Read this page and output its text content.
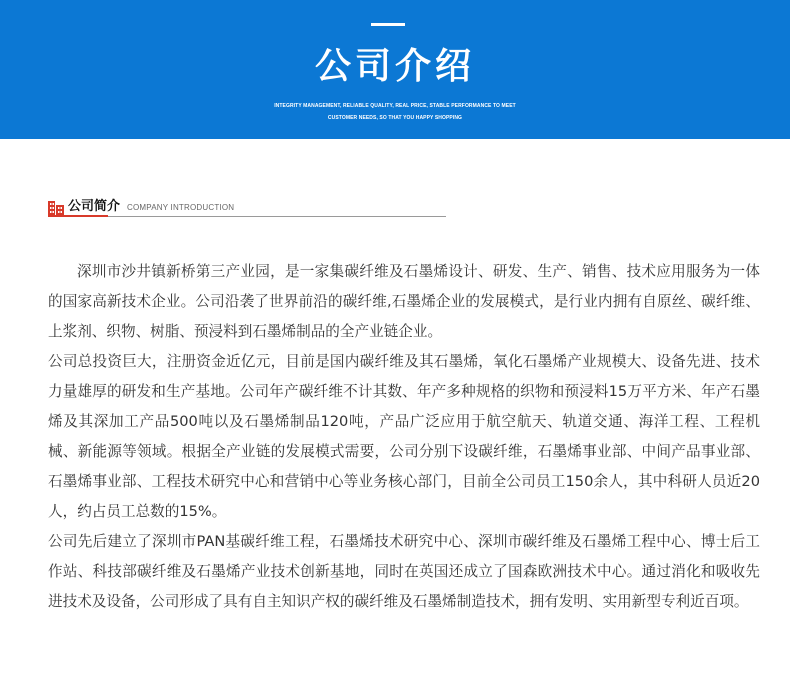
公司介绍
INTEGRITY MANAGEMENT, RELIABLE QUALITY, REAL PRICE, STABLE PERFORMANCE TO MEET
CUSTOMER NEEDS, SO THAT YOU HAPPY SHOPPING
公司简介 COMPANY INTRODUCTION

深圳市沙井镇新桥第三产业园，是一家集碳纤维及石墨烯设计、研发、生产、销售、技术应用服务为一体的国家高新技术企业。公司沿袭了世界前沿的碳纤维,石墨烯企业的发展模式，是行业内拥有自原丝、碳纤维、上浆剂、织物、树脂、预浸料到石墨烯制品的全产业链企业。

公司总投资巨大，注册资金近亿元，目前是国内碳纤维及其石墨烯，氧化石墨烯产业规模大、设备先进、技术力量雄厚的研发和生产基地。公司年产碳纤维不计其数、年产多种规格的织物和预浸料15万平方米、年产石墨烯及其深加工产品500吨以及石墨烯制品120吨，产品广泛应用于航空航天、轨道交通、海洋工程、工程机械、新能源等领域。根据全产业链的发展模式需要，公司分别下设碳纤维，石墨烯事业部、中间产品事业部、石墨烯事业部、工程技术研究中心和营销中心等业务核心部门，目前全公司员工150余人，其中科研人员近20人，约占员工总数的15%。

公司先后建立了深圳市PAN基碳纤维工程，石墨烯技术研究中心、深圳市碳纤维及石墨烯工程中心、博士后工作站、科技部碳纤维及石墨烯产业技术创新基地，同时在英国还成立了国森欧洲技术中心。通过消化和吸收先进技术及设备，公司形成了具有自主知识产权的碳纤维及石墨烯制造技术，拥有发明、实用新型专利近百项。
